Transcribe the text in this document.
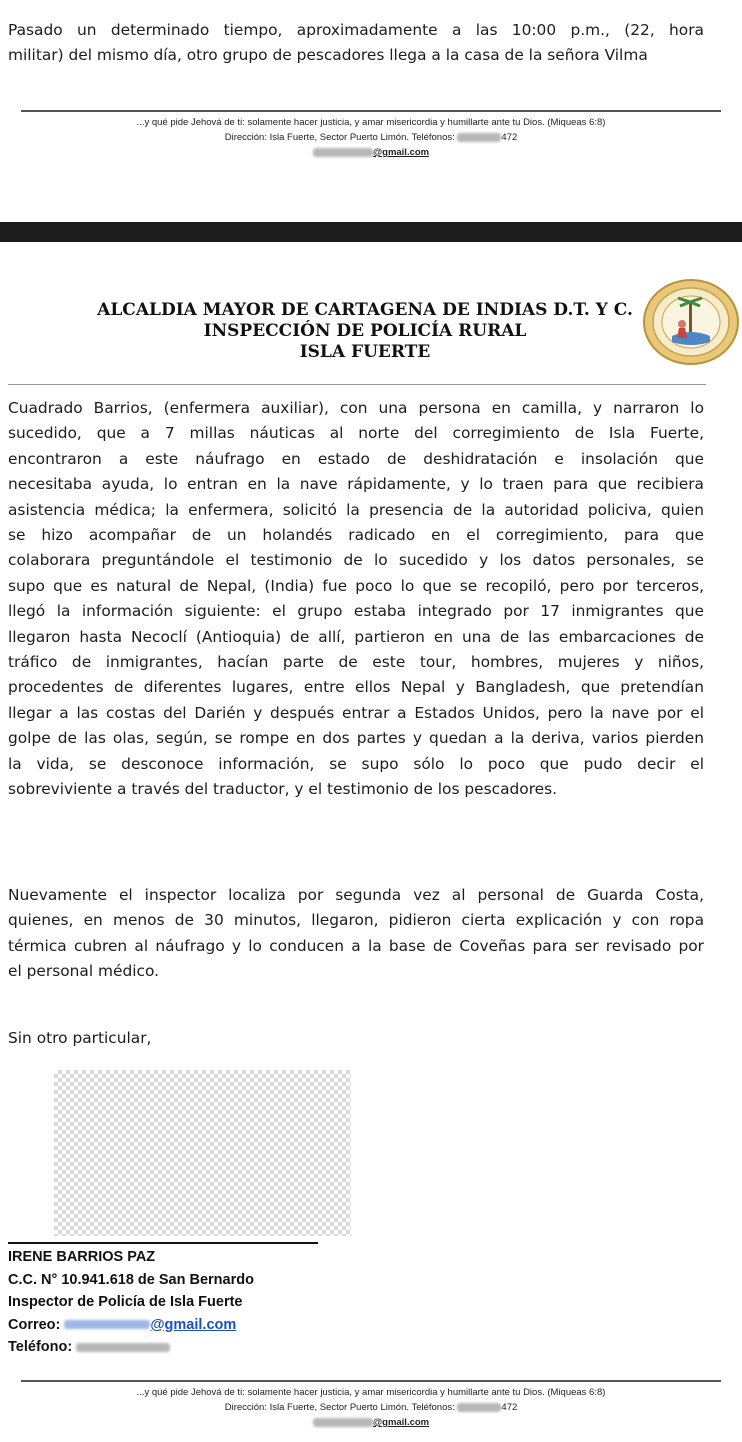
Pasado un determinado tiempo, aproximadamente a las 10:00 p.m., (22, hora

militar) del mismo día, otro grupo de pescadores llega a la casa de la señora Vilma

...y qué pide Jehová de ti: solamente hacer justicia, y amar misericordia y humillarte ante tu Dios. (Miqueas 6:8)
Dirección: Isla Fuerte, Sector Puerto Limón. Teléfonos:	472
@gmail.com
ALCALDIA MAYOR DE CARTAGENA DE INDIAS D.T. Y C.
INSPECCIÓN DE POLICÍA RURAL
ISLA FUERTE

Cuadrado Barrios, (enfermera auxiliar), con una persona en camilla, y narraron lo

sucedido, que a 7 millas náuticas al norte del corregimiento de Isla Fuerte,

encontraron a este náufrago en estado de deshidratación e insolación que

necesitaba ayuda, lo entran en la nave rápidamente, y lo traen para que recibiera

asistencia médica; la enfermera, solicitó la presencia de la autoridad policiva, quien

se hizo acompañar de un holandés radicado en el corregimiento, para que

colaborara preguntándole el testimonio de lo sucedido y los datos personales, se

supo que es natural de Nepal, (India) fue poco lo que se recopiló, pero por terceros,

llegó la información siguiente: el grupo estaba integrado por 17 inmigrantes que

llegaron hasta Necoclí (Antioquia) de allí, partieron en una de las embarcaciones de

tráfico de inmigrantes, hacían parte de este tour, hombres, mujeres y niños,

procedentes de diferentes lugares, entre ellos Nepal y Bangladesh, que pretendían

llegar a las costas del Darién y después entrar a Estados Unidos, pero la nave por el

golpe de las olas, según, se rompe en dos partes y quedan a la deriva, varios pierden

la vida, se desconoce información, se supo sólo lo poco que pudo decir el

sobreviviente a través del traductor, y el testimonio de los pescadores.

Nuevamente el inspector localiza por segunda vez al personal de Guarda Costa,

quienes, en menos de 30 minutos, llegaron, pidieron cierta explicación y con ropa

térmica cubren al náufrago y lo conducen a la base de Coveñas para ser revisado por

el personal médico.

Sin otro particular,

IRENE BARRIOS PAZ
C.C. N° 10.941.618 de San Bernardo
Inspector de Policía de Isla Fuerte
Correo:	@gmail.com
Teléfono:
...y qué pide Jehová de ti: solamente hacer justicia, y amar misericordia y humillarte ante tu Dios. (Miqueas 6:8)
Dirección: Isla Fuerte, Sector Puerto Limón. Teléfonos:	472
@gmail.com
